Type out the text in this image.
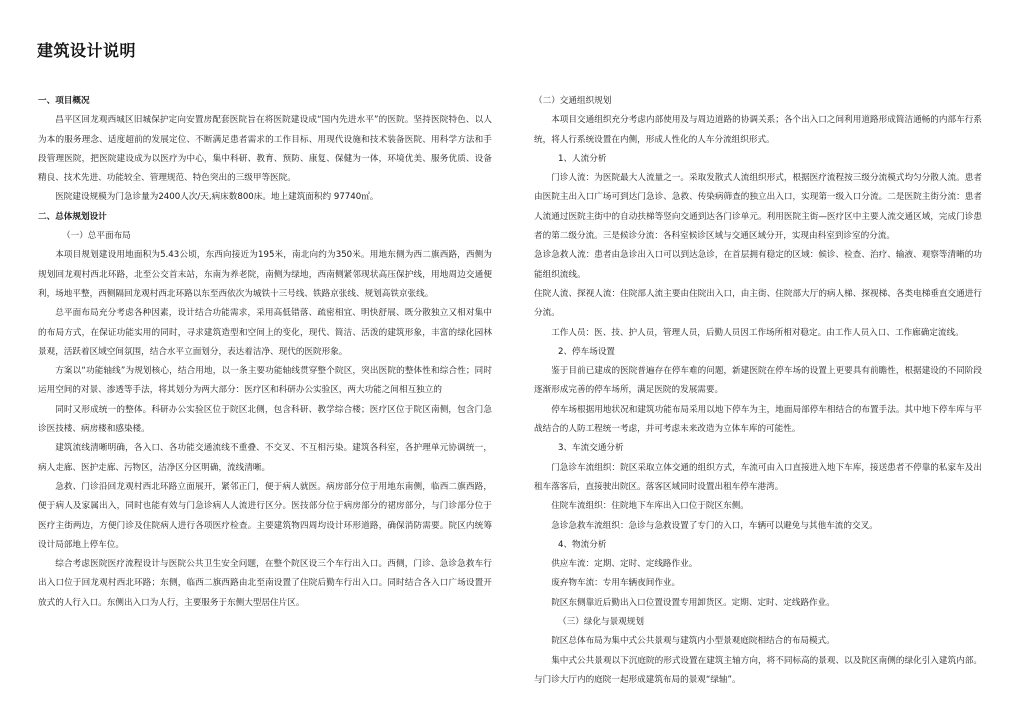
建筑设计说明

一、项目概况

昌平区回龙观西城区旧城保护定向安置房配套医院旨在将医院建设成“国内先进水平”的医院。坚持医院特色、以人为本的服务理念、适度超前的发展定位、不断满足患者需求的工作目标、用现代设施和技术装备医院、用科学方法和手段管理医院，把医院建设成为以医疗为中心，集中科研、教育、预防、康复、保健为一体，环境优美、服务优质、设备精良、技术先进、功能较全、管理规范、特色突出的三级甲等医院。

医院建设规模为门急诊量为2400人次/天,病床数800床。地上建筑面积约 97740㎡。

二、总体规划设计

（一）总平面布局

本项目规划建设用地面积为5.43公顷，东西向接近为195米，南北向约为350米。用地东侧为西二旗西路，西侧为规划回龙观村西北环路，北至公交首末站，东南为养老院，南侧为绿地，西南侧紧邻现状高压保护线，用地周边交通便利，场地平整，西侧隔回龙观村西北环路以东至西依次为城铁十三号线、铁路京张线、规划高铁京张线。

总平面布局充分考虑各种因素，设计结合功能需求，采用高低错落、疏密相宜、明快舒展、既分散独立又相对集中的布局方式，在保证功能实用的同时，寻求建筑造型和空间上的变化，现代、简洁、活泼的建筑形象，丰富的绿化园林景观，活跃着区域空间氛围，结合水平立面划分，表达着洁净、现代的医院形象。

方案以“功能轴线”为规划核心，结合用地，以一条主要功能轴线贯穿整个院区，突出医院的整体性和综合性；同时运用空间的对景、渗透等手法，将其划分为两大部分：医疗区和科研办公实验区，两大功能之间相互独立的

同时又形成统一的整体。科研办公实验区位于院区北侧，包含科研、教学综合楼；医疗区位于院区南侧，包含门急诊医技楼、病房楼和感染楼。

建筑流线清晰明确，各入口、各功能交通流线不重叠、不交叉、不互相污染。建筑各科室，各护理单元协调统一，病人走廊、医护走廊、污物区，洁净区分区明确，流线清晰。

急救、门诊沿回龙观村西北环路立面展开，紧邻正门，便于病人就医。病房部分位于用地东南侧，临西二旗西路，便于病人及家属出入，同时也能有效与门急诊病人人流进行区分。医技部分位于病房部分的裙房部分，与门诊部分位于医疗主街两边，方便门诊及住院病人进行各项医疗检查。主要建筑物四周均设计环形道路，确保消防需要。院区内统筹设计局部地上停车位。

综合考虑医院医疗流程设计与医院公共卫生安全问题，在整个院区设三个车行出入口。西侧，门诊、急诊急救车行出入口位于回龙观村西北环路；东侧，临西二旗西路由北至南设置了住院后勤车行出入口。同时结合各入口广场设置开放式的人行入口。东侧出入口为人行，主要服务于东侧大型居住片区。

（二）交通组织规划

本项目交通组织充分考虑内部使用及与周边道路的协调关系；各个出入口之间利用道路形成简洁通畅的内部车行系统，将人行系统设置在内侧，形成人性化的人车分流组织形式。

1、人流分析

门诊人流：为医院最大人流量之一。采取发散式人流组织形式，根据医疗流程按三级分流模式均匀分散人流。患者由医院主出入口广场可到达门急诊、急救、传染病筛查的独立出入口，实现第一级入口分流。二是医院主街分流：患者人流通过医院主街中的自动扶梯等竖向交通到达各门诊单元。利用医院主街—医疗区中主要人流交通区域，完成门诊患者的第二级分流。三是候诊分流：各科室候诊区域与交通区域分开，实现由科室到诊室的分流。

急诊急救人流：患者由急诊出入口可以到达急诊，在首层拥有稳定的区域：候诊、检查、治疗、输液、观察等清晰的功能组织流线。

住院人流、探视人流：住院部人流主要由住院出入口，由主街、住院部大厅的病人梯、探视梯、各类电梯垂直交通进行分流。

工作人员：医、技、护人员，管理人员，后勤人员因工作场所相对稳定。由工作人员入口、工作廊确定流线。

2、停车场设置

鉴于目前已建成的医院普遍存在停车难的问题，新建医院在停车场的设置上更要具有前瞻性，根据建设的不同阶段逐渐形成完善的停车场所，满足医院的发展需要。

停车场根据用地状况和建筑功能布局采用以地下停车为主，地面局部停车相结合的布置手法。其中地下停车库与平战结合的人防工程统一考虑，并可考虑未来改造为立体车库的可能性。

3、车流交通分析

门急诊车流组织：院区采取立体交通的组织方式，车流可由入口直接进入地下车库，接送患者不停靠的私家车及出租车落客后，直接驶出院区。落客区域同时设置出租车停车港湾。

住院车流组织：住院地下车库出入口位于院区东侧。

急诊急救车流组织：急诊与急救设置了专门的入口，车辆可以避免与其他车流的交叉。

4、物流分析

供应车流：定期、定时、定线路作业。

废弃物车流：专用车辆夜间作业。

院区东侧靠近后勤出入口位置设置专用卸货区。定期、定时、定线路作业。

（三）绿化与景观规划

院区总体布局为集中式公共景观与建筑内小型景观庭院相结合的布局模式。

集中式公共景观以下沉庭院的形式设置在建筑主轴方向，将不同标高的景观、以及院区南侧的绿化引入建筑内部。与门诊大厅内的庭院一起形成建筑布局的景观“绿轴”。
